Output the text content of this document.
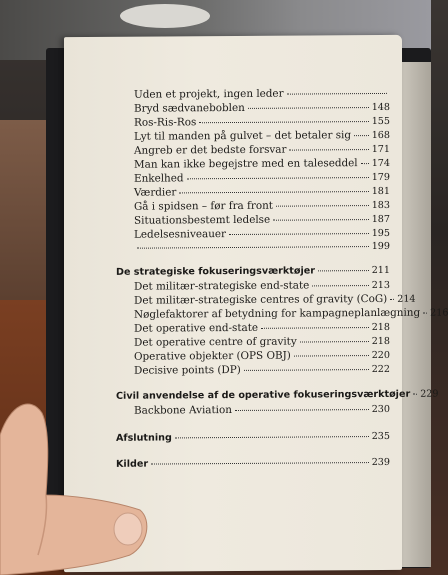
Uden et projekt, ingen leder
Bryd sædvaneboblen	148
Ros-Ris-Ros	155
Lyt til manden på gulvet – det betaler sig 168
Angreb er det bedste forsvar	171
Man kan ikke begejstre med en taleseddel 174
Enkelhed	179
Værdier	181
Gå i spidsen – før fra front	183
Situationsbestemt ledelse	187
Ledelsesniveauer	195
199
De strategiske fokuseringsværktøjer	211
Det militær-strategiske end-state	213
Det militær-strategiske centres of gravity (CoG) 214
Nøglefaktorer af betydning for kampagneplanlægning 216
Det operative end-state	218
Det operative centre of gravity	218
Operative objekter (OPS OBJ)	220
Decisive points (DP)	222
Civil anvendelse af de operative fokuseringsværktøjer 229
Backbone Aviation	230
Afslutning	235
Kilder	239
